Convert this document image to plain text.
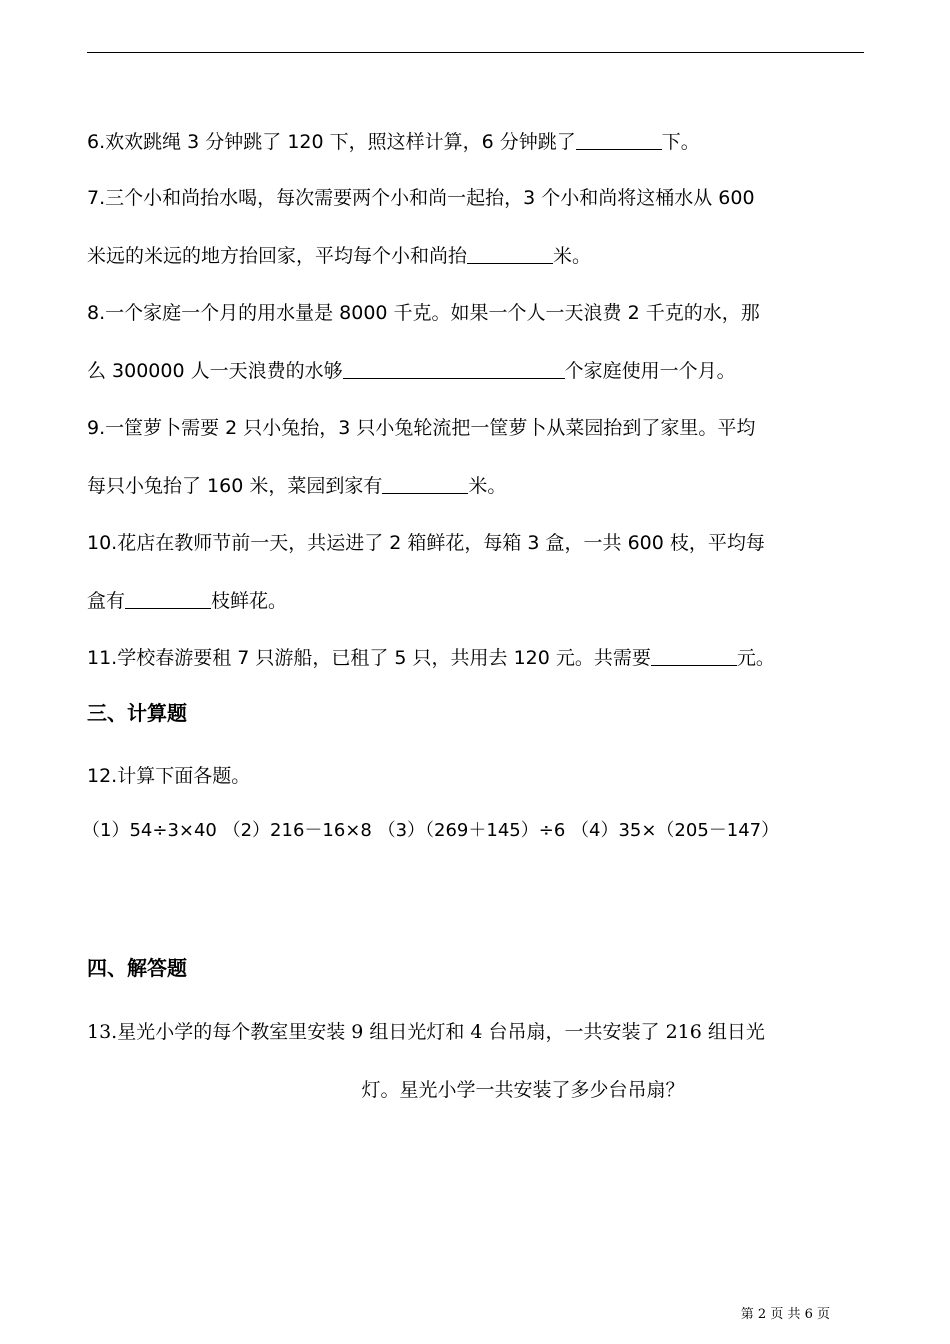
6.欢欢跳绳 3 分钟跳了 120 下，照这样计算，6 分钟跳了	下。
7.三个小和尚抬水喝，每次需要两个小和尚一起抬，3 个小和尚将这桶水从 600
米远的米远的地方抬回家，平均每个小和尚抬	米。
8.一个家庭一个月的用水量是 8000 千克。如果一个人一天浪费 2 千克的水，那
么 300000 人一天浪费的水够	个家庭使用一个月。
9.一筐萝卜需要 2 只小兔抬，3 只小兔轮流把一筐萝卜从菜园抬到了家里。平均
每只小兔抬了 160 米，菜园到家有	米。
10.花店在教师节前一天，共运进了 2 箱鲜花，每箱 3 盒，一共 600 枝，平均每
盒有	枝鲜花。
11.学校春游要租 7 只游船，已租了 5 只，共用去 120 元。共需要	元。
三、计算题
12.计算下面各题。
（1）54÷3×40 （2）216－16×8 （3）（269＋145）÷6 （4）35×（205－147）
四、解答题
13.星光小学的每个教室里安装 9 组日光灯和 4 台吊扇，一共安装了 216 组日光
灯。星光小学一共安装了多少台吊扇？
第 2 页 共 6 页
